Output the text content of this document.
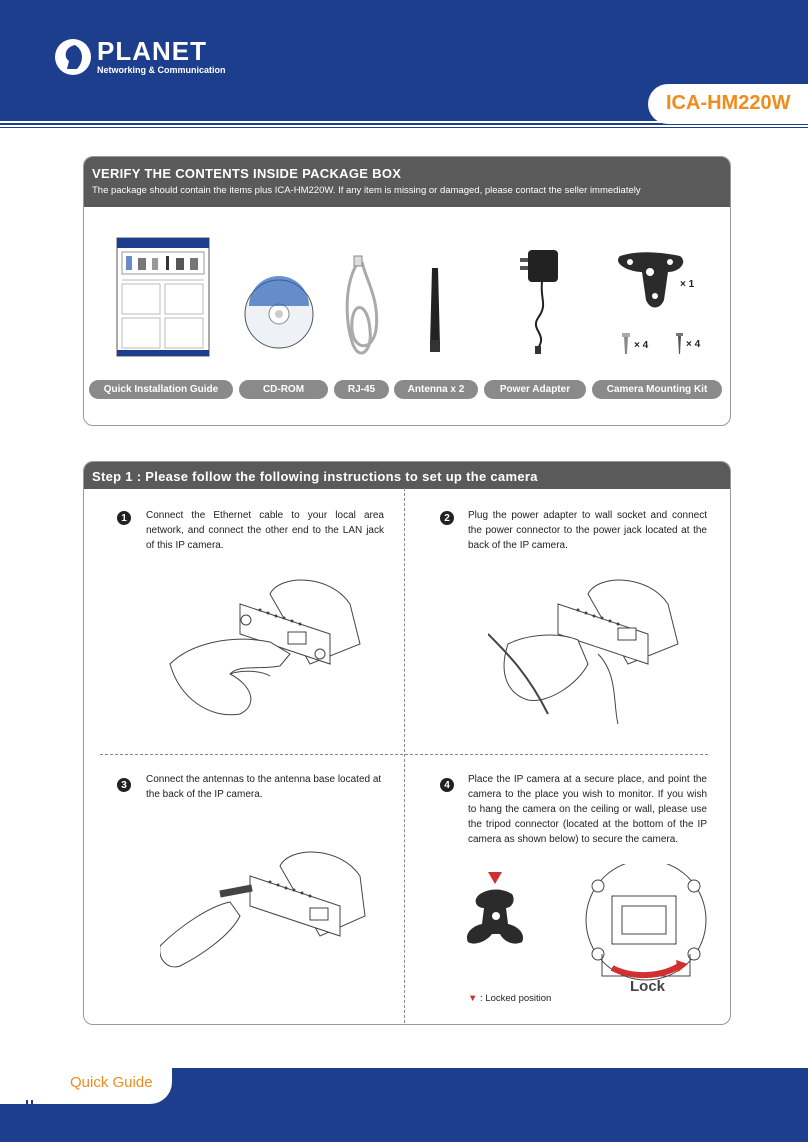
PLANET
Networking & Communication
ICA-HM220W
VERIFY THE CONTENTS INSIDE PACKAGE BOX
The package should contain the items plus ICA-HM220W. If any item is missing or damaged, please contact the seller immediately
× 1
× 4	× 4
Quick Installation Guide	CD-ROM	RJ-45	Antenna x 2	Power Adapter	Camera Mounting Kit
Step 1 : Please follow the following instructions to set up the camera
1	Connect the Ethernet cable to your local area network, and connect the other end to the LAN jack of this IP camera.
2	Plug the power adapter to wall socket and connect the power connector to the power jack located at the back of the IP camera.
3	Connect the antennas to the antenna base located at the back of the IP camera.
4	Place the IP camera at a secure place, and point the camera to the place you wish to monitor. If you wish to hang the camera on the ceiling or wall, please use the tripod connector (located at the bottom of the IP camera as shown below) to secure the camera.
Lock
▼ : Locked position
Quick Guide
